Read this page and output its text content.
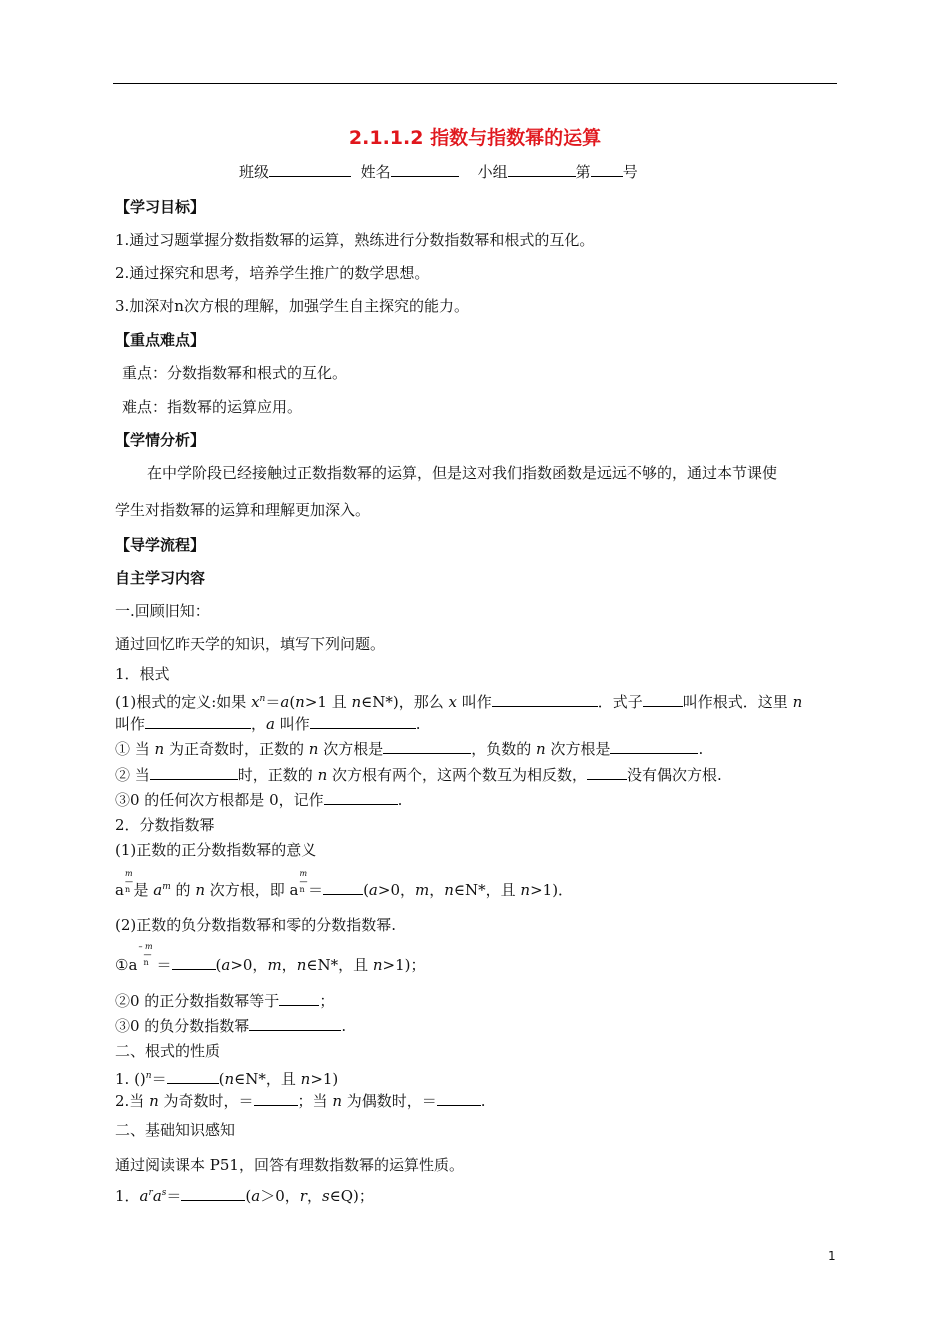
2.1.1.2 指数与指数幂的运算
班级	姓名	小组	第 号
【学习目标】
1.通过习题掌握分数指数幂的运算，熟练进行分数指数幂和根式的互化。
2.通过探究和思考，培养学生推广的数学思想。
3.加深对n次方根的理解，加强学生自主探究的能力。
【重点难点】
重点：分数指数幂和根式的互化。
难点：指数幂的运算应用。
【学情分析】
在中学阶段已经接触过正数指数幂的运算，但是这对我们指数函数是远远不够的，通过本节课使
学生对指数幂的运算和理解更加深入。
【导学流程】
自主学习内容
一.回顾旧知：
通过回忆昨天学的知识，填写下列问题。
1．根式
(1)根式的定义:如果 $x^n=a(n>1$ 且 n∈N*)，那么 x 叫作	．式子	叫作根式．这里 n
叫作	，a 叫作	.
① 当 n 为正奇数时，正数的 n 次方根是	，负数的 n 次方根是	.
② 当	时，正数的 n 次方根有两个，这两个数互为相反数，	没有偶次方根.
③0 的任何次方根都是 0，记作	.
2．分数指数幂
(1)正数的正分数指数幂的意义
a
m
—
n 是 $a^m$ 的 n 次方根，即 a
m
—
n ＝	(a>0，m，n∈N*，且 n>1)．
(2)正数的负分数指数幂和零的分数指数幂.
①a
– m
—
n ＝	(a>0，m，n∈N*，且 n>1)；
②0 的正分数指数幂等于	；
③0 的负分数指数幂	.
二、根式的性质
1. ()$^n$＝	(n∈N*，且 n>1)
2.当 n 为奇数时，＝	；当 n 为偶数时，＝	.
二、基础知识感知
通过阅读课本 P51，回答有理数指数幂的运算性质。
1．$a^ra^s=$	(a＞0，r，s∈Q)；
1
